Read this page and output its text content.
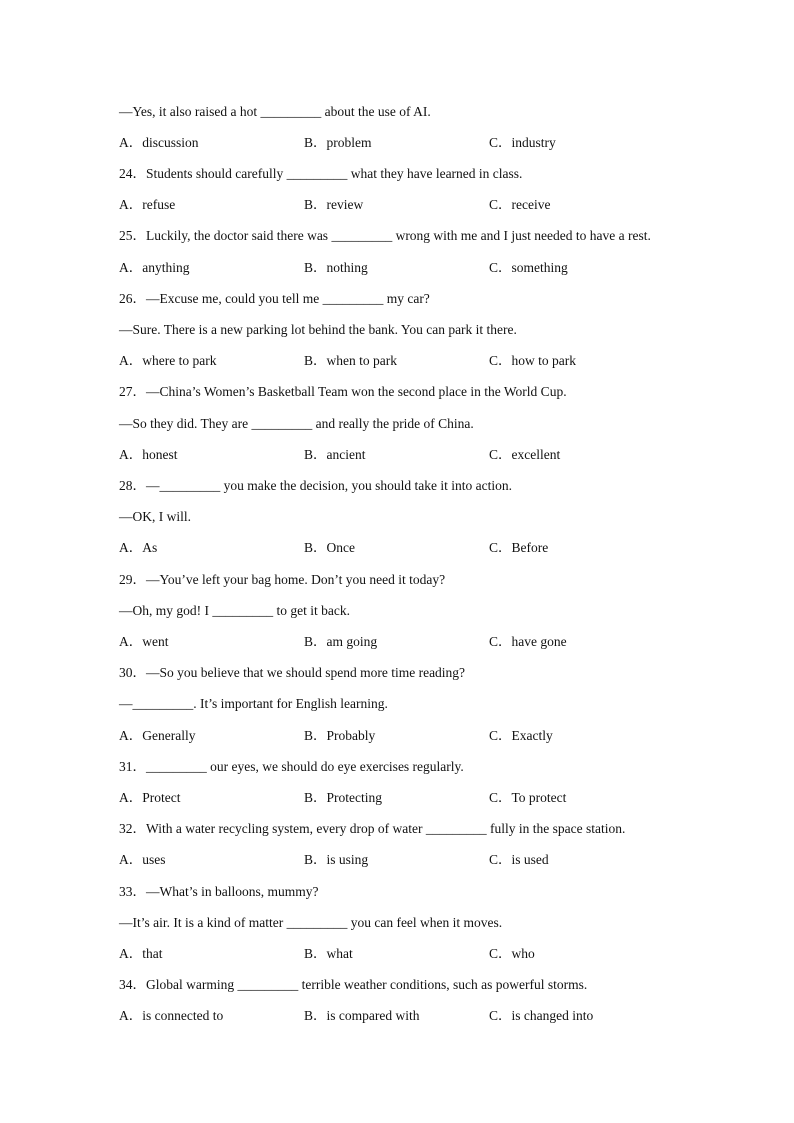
—Yes, it also raised a hot _________ about the use of AI.
A．discussion	B．problem	C．industry
24．Students should carefully _________ what they have learned in class.
A．refuse	B．review	C．receive
25．Luckily, the doctor said there was _________ wrong with me and I just needed to have a rest.
A．anything	B．nothing	C．something
26．—Excuse me, could you tell me _________ my car?
—Sure. There is a new parking lot behind the bank. You can park it there.
A．where to park	B．when to park	C．how to park
27．—China’s Women’s Basketball Team won the second place in the World Cup.
—So they did. They are _________ and really the pride of China.
A．honest	B．ancient	C．excellent
28．—_________ you make the decision, you should take it into action.
—OK, I will.
A．As	B．Once	C．Before
29．—You’ve left your bag home. Don’t you need it today?
—Oh, my god! I _________ to get it back.
A．went	B．am going	C．have gone
30．—So you believe that we should spend more time reading?
—_________. It’s important for English learning.
A．Generally	B．Probably	C．Exactly
31．_________ our eyes, we should do eye exercises regularly.
A．Protect	B．Protecting	C．To protect
32．With a water recycling system, every drop of water _________ fully in the space station.
A．uses	B．is using	C．is used
33．—What’s in balloons, mummy?
—It’s air. It is a kind of matter _________ you can feel when it moves.
A．that	B．what	C．who
34．Global warming _________ terrible weather conditions, such as powerful storms.
A．is connected to	B．is compared with	C．is changed into
